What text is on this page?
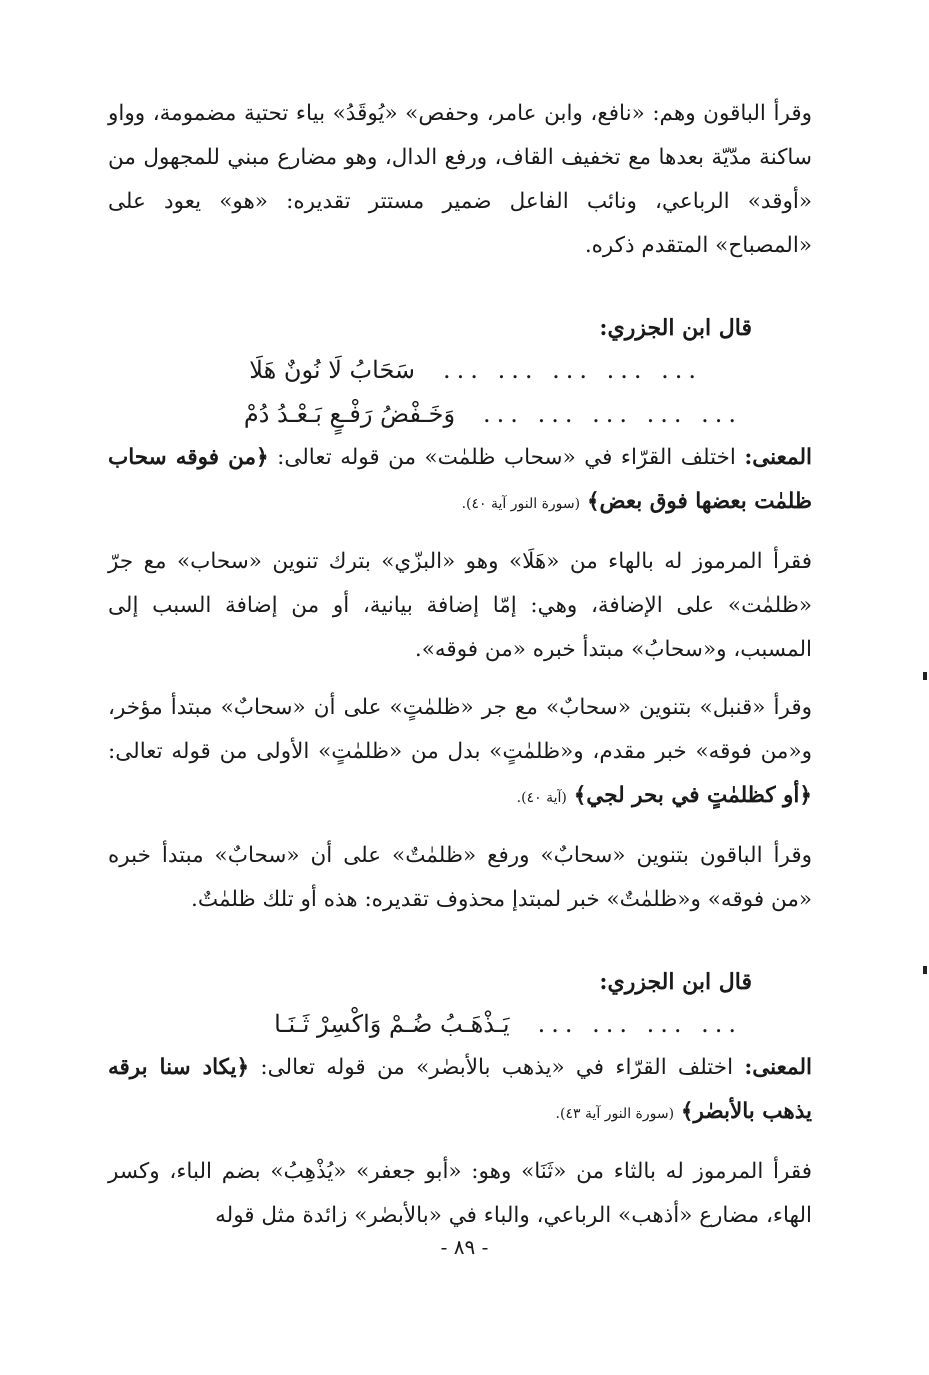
وقرأ الباقون وهم: «نافع، وابن عامر، وحفص» «يُوقَدُ» بياء تحتية مضمومة، وواو ساكنة مدّيّة بعدها مع تخفيف القاف، ورفع الدال، وهو مضارع مبني للمجهول من «أوقد» الرباعي، ونائب الفاعل ضمير مستتر تقديره: «هو» يعود على «المصباح» المتقدم ذكره.

قال ابن الجزري:

سَحَابُ لَا نُونٌ هَلَا ... ... ... ... ...
وَخَـفْضُ رَفْـعٍ بَـعْـدُ دُمْ ... ... ... ... ...

المعنى: اختلف القرّاء في «سحاب ظلمٰت» من قوله تعالى: ﴿من فوقه سحاب ظلمٰت بعضها فوق بعض﴾ (سورة النور آية ٤٠).

فقرأ المرموز له بالهاء من «هَلَا» وهو «البزّي» بترك تنوين «سحاب» مع جرّ «ظلمٰت» على الإضافة، وهي: إمّا إضافة بيانية، أو من إضافة السبب إلى المسبب، و«سحابُ» مبتدأ خبره «من فوقه».

وقرأ «قنبل» بتنوين «سحابٌ» مع جر «ظلمٰتٍ» على أن «سحابٌ» مبتدأ مؤخر، و«من فوقه» خبر مقدم، و«ظلمٰتٍ» بدل من «ظلمٰتٍ» الأولى من قوله تعالى: ﴿أو كظلمٰتٍ في بحر لجي﴾ (آية ٤٠).

وقرأ الباقون بتنوين «سحابٌ» ورفع «ظلمٰتٌ» على أن «سحابٌ» مبتدأ خبره «من فوقه» و«ظلمٰتٌ» خبر لمبتدإ محذوف تقديره: هذه أو تلك ظلمٰتٌ.

قال ابن الجزري:

يَـذْهَـبُ ضُـمْ وَاكْسِرْ ثَـنَـا ... ... ... ...

المعنى: اختلف القرّاء في «يذهب بالأبصٰر» من قوله تعالى: ﴿يكاد سنا برقه يذهب بالأبصٰر﴾ (سورة النور آية ٤٣).

فقرأ المرموز له بالثاء من «ثَنَا» وهو: «أبو جعفر» «يُذْهِبُ» بضم الباء، وكسر الهاء، مضارع «أذهب» الرباعي، والباء في «بالأبصٰر» زائدة مثل قوله

- ٨٩ -
